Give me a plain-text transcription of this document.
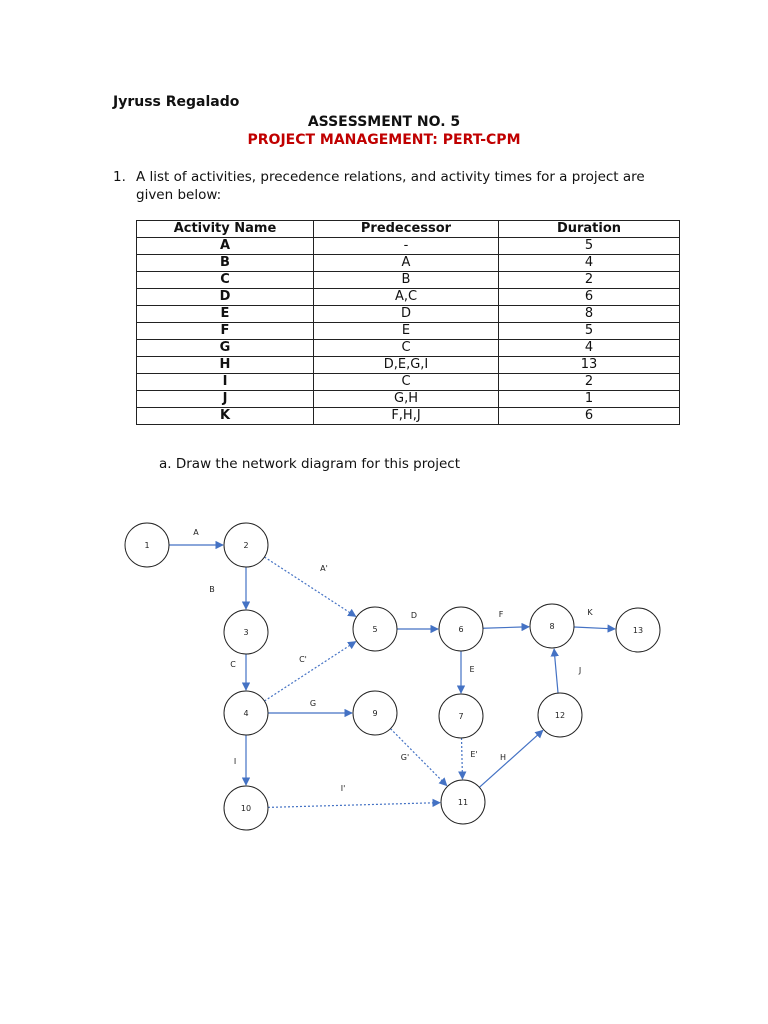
Jyruss Regalado
ASSESSMENT NO. 5
PROJECT MANAGEMENT: PERT-CPM
1. A list of activities, precedence relations, and activity times for a project are given below:
Activity Name	Predecessor	Duration
A	-	5
B	A	4
C	B	2
D	A,C	6
E	D	8
F	E	5
G	C	4
H	D,E,G,I	13
I	C	2
J	G,H	1
K	F,H,J	6
a. Draw the network diagram for this project
A
B
A'
C
C'
G
I
D	F
E
K
J
G'	E'
I'
H
1	2
3
4
5	6
7
8
9
10
11
12
13
